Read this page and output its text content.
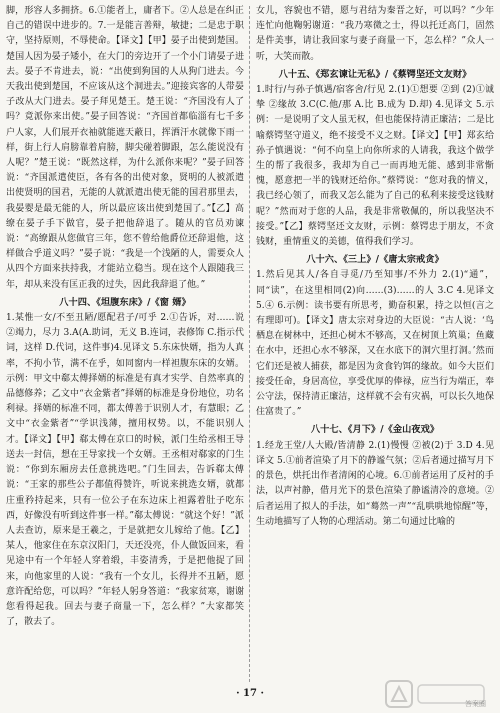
脚，形容人多拥挤。6.①能者上，庸者下。②人总是在纠正自己的错误中进步的。7.一是能言善辩，敏捷；二是忠于职守，坚持原则，不辱使命。【译文】【甲】晏子出使到楚国。楚国人因为晏子矮小，在大门的旁边开了一个小门请晏子进去。晏子不肯进去，说：“出使到狗国的人从狗门进去。今天我出使到楚国，不应该从这个洞进去。”迎接宾客的人带晏子改从大门进去。晏子拜见楚王。楚王说：“齐国没有人了吗？竟派你来出使。”晏子回答说：“齐国首都临淄有七千多户人家，人们展开衣袖就能遮天蔽日，挥洒汗水就像下雨一样，街上行人肩膀靠着肩膀，脚尖碰着脚跟，怎么能说没有人呢？”楚王说：“既然这样，为什么派你来呢？”晏子回答说：“齐国派遣使臣，各有各的出使对象，贤明的人被派遣出使贤明的国君，无能的人就派遣出使无能的国君那里去，我晏婴是最无能的人，所以最应该出使到楚国了。”【乙】高缭在晏子手下做官，晏子把他辞退了。随从的官员劝谏说：“高缭跟从您做官三年，您不曾给他爵位还辞退他，这样做合乎道义吗？”晏子说：“我是一个浅陋的人，需要众人从四个方面来扶持我，才能站立稳当。现在这个人跟随我三年，却从来没有匡正我的过失，因此我辞退了他。”

八十四、《坦腹东床》/《窗 婿》

1.某惟一女/不至丑陋/愿配君子/可乎 2.①告诉，对……说 ②竭力，尽力 3.A(A.助词，无义 B.连词，表修饰 C.指示代词，这样 D.代词，这件事)4.见译文 5.东床快婿，指为人真率，不拘小节，满不在乎，如同窗内一样袒腹东床的女婿。示例：甲文中郗太傅择婿的标准是有真才实学、自然率真的品德修养；乙文中“衣金紫者”择婿的标准是身份地位，功名利禄。择婿的标准不同，都太傅善于识别人才，有慧眼；乙文中“衣金紫者”“学识浅薄，擅用权势。以，不能识别人才。【译文】【甲】郗太傅在京口的时候，派门生给丞相王导送去一封信，想在王导家找一个女婿。王丞相对郗家的门生说：“你到东厢房去任意挑选吧。”门生回去，告诉郗太傅说：“王家的那些公子都值得赞许，听说来挑选女婿，就都庄重矜持起来，只有一位公子在东边床上袒露着肚子吃东西，好像没有听到这件事一样。”郗太傅说：“就这个好！”派人去查访，原来是王羲之，于是就把女儿嫁给了他。【乙】某人，他家住在东京汉阳门，天还没亮，仆人做饭回来，看见途中有一个年轻人穿着缎，丰姿清秀，于是把他捉了回来，向他家里的人说：“我有一个女儿，长得并不丑陋，愿意许配给您，可以吗？”年轻人躬身答道：“我家贫寒，谢谢您看得起我。回去与妻子商量一下，怎么样？”大家都笑了，散去了。

女儿，容貌也不错，愿与君结为秦晋之好，可以吗？”少年连忙向他鞠躬谢道：“我乃寒微之士，得以托迁高门，固然是件美事，请让我回家与妻子商量一下，怎么样？”众人一听，大笑而散。

八十五、《郑玄谏让无私》/《蔡锷坚还文友财》

1.时行/与孙子慎遇/宿客舍/行见 2.(1)①想要 ②到 (2)①诚挚 ②缘故 3.C(C.他/那 A.比 B.成为 D.却) 4.见译文 5.示例：一是说明了文人虽无权，但也能保持清正廉洁；二是比喻蔡锷坚守道义，绝不接受不义之财。【译文】【甲】郑玄给孙子慎遇说：“何不向皇上向你所求的人请我，我这个做学生的帮了我很多，我却为自己一而再地无能、感到非常惭愧，愿意把一半的钱财还给你。”蔡锷说：“您对我的情义，我已经心领了，而我又怎么能为了自己的私利来接受这钱财呢？”然而对于您的人品，我是非常敬佩的，所以我坚决不接受。”【乙】蔡锷坚还文友财，示例：蔡锷忠于朋友，不贪钱财，重情重义的美德，值得我们学习。

八十六、《三上》/《唐太宗戒贪》

1.然后见其人/各自寻觅/乃至知事/不外力 2.(1)“通”，同“读”，在这里相同(2)向……(3)……的人 3.C 4.见译文 5.④ 6.示例：读书要有所思考，勤奋积累，持之以恒(言之有理即可)。【译文】唐太宗对身边的大臣说：“古人说：‘鸟栖息在树林中，还担心树木不够高，又在树顶上筑巢；鱼藏在水中，还担心水不够深，又在水底下的洞穴里打洞。’然而它们还是被人捕获，都是因为贪食钓饵的缘故。如今大臣们接受任命，身居高位，享受优厚的俸禄，应当行为端正，奉公守法，保持清正廉洁，这样就不会有灾祸，可以长久地保住富贵了。”

八十七、《月下》/《金山夜戏》

1.经龙王堂/人大殿/皆清静 2.(1)慢慢 ②被(2)于 3.D 4.见译文 5.①前者渲染了月下的静谧气氛；②后者通过描写月下的景色，烘托出作者清闲的心境。6.①前者运用了反衬的手法，以声衬静，借月光下的景色渲染了静谧清冷的意境。②后者运用了拟人的手法，如“蓦然一声”“乱哄哄地惊醒”等，生动地描写了人物的心理活动。第二句通过比喻的

· 17 ·
答案圈
